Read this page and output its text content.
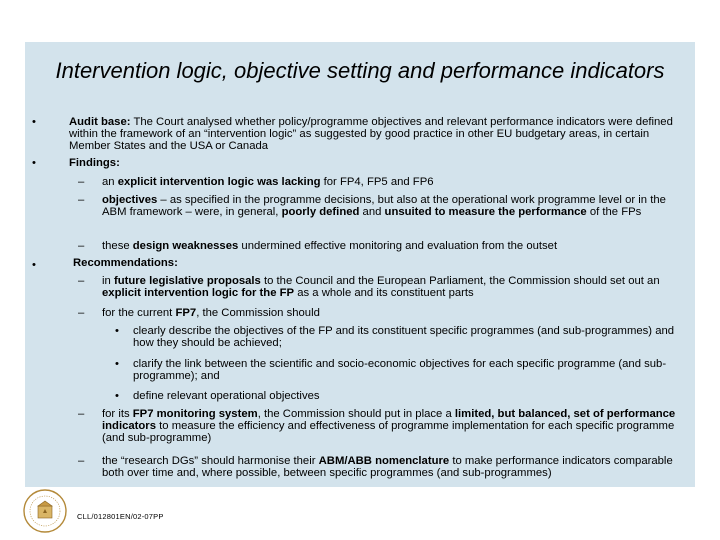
Intervention logic, objective setting and performance indicators
•	Audit base: The Court analysed whether policy/programme objectives and relevant performance indicators were defined within the framework of an “intervention logic” as suggested by good practice in other EU budgetary areas, in certain Member States and the USA or Canada
•	Findings:
–	an explicit intervention logic was lacking for FP4, FP5 and FP6
–	objectives – as specified in the programme decisions, but also at the operational work programme level or in the ABM framework – were, in general, poorly defined and unsuited to measure the performance of the FPs
–	these design weaknesses undermined effective monitoring and evaluation from the outset
•	Recommendations:
–	in future legislative proposals to the Council and the European Parliament, the Commission should set out an explicit intervention logic for the FP as a whole and its constituent parts
–	for the current FP7, the Commission should
•	clearly describe the objectives of the FP and its constituent specific programmes (and sub-programmes) and how they should be achieved;
•	clarify the link between the scientific and socio-economic objectives for each specific programme (and sub-programme); and
•	define relevant operational objectives
–	for its FP7 monitoring system, the Commission should put in place a limited, but balanced, set of performance indicators to measure the efficiency and effectiveness of programme implementation for each specific programme (and sub-programme)
–	the “research DGs” should harmonise their ABM/ABB nomenclature to make performance indicators comparable both over time and, where possible, between specific programmes (and sub-programmes)
CLL/012801EN/02-07PP
